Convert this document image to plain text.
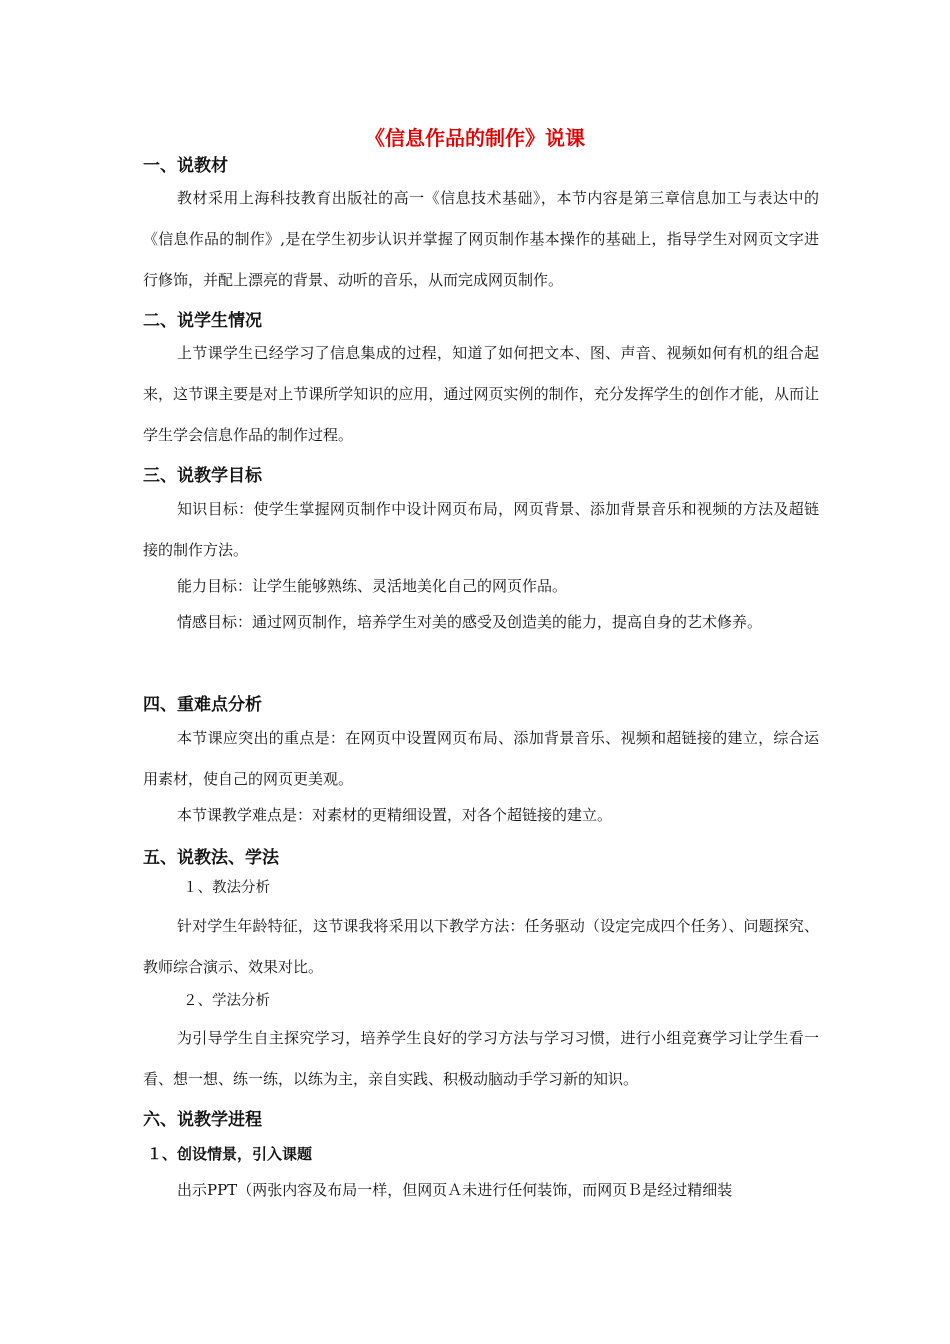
《信息作品的制作》说课
一、说教材

教材采用上海科技教育出版社的高一《信息技术基础》，本节内容是第三章信息加工与表达中的《信息作品的制作》,是在学生初步认识并掌握了网页制作基本操作的基础上，指导学生对网页文字进行修饰，并配上漂亮的背景、动听的音乐，从而完成网页制作。

二、说学生情况

上节课学生已经学习了信息集成的过程，知道了如何把文本、图、声音、视频如何有机的组合起来，这节课主要是对上节课所学知识的应用，通过网页实例的制作，充分发挥学生的创作才能，从而让学生学会信息作品的制作过程。

三、说教学目标

知识目标：使学生掌握网页制作中设计网页布局，网页背景、添加背景音乐和视频的方法及超链接的制作方法。

能力目标：让学生能够熟练、灵活地美化自己的网页作品。

情感目标：通过网页制作，培养学生对美的感受及创造美的能力，提高自身的艺术修养。

四、重难点分析

本节课应突出的重点是：在网页中设置网页布局、添加背景音乐、视频和超链接的建立，综合运用素材，使自己的网页更美观。

本节课教学难点是：对素材的更精细设置，对各个超链接的建立。

五、说教法、学法

１、教法分析

针对学生年龄特征，这节课我将采用以下教学方法：任务驱动（设定完成四个任务）、问题探究、教师综合演示、效果对比。

２、学法分析

为引导学生自主探究学习，培养学生良好的学习方法与学习习惯，进行小组竞赛学习让学生看一看、想一想、练一练，以练为主，亲自实践、积极动脑动手学习新的知识。

六、说教学进程
１、创设情景，引入课题

出示PPT（两张内容及布局一样，但网页Ａ未进行任何装饰，而网页Ｂ是经过精细装
